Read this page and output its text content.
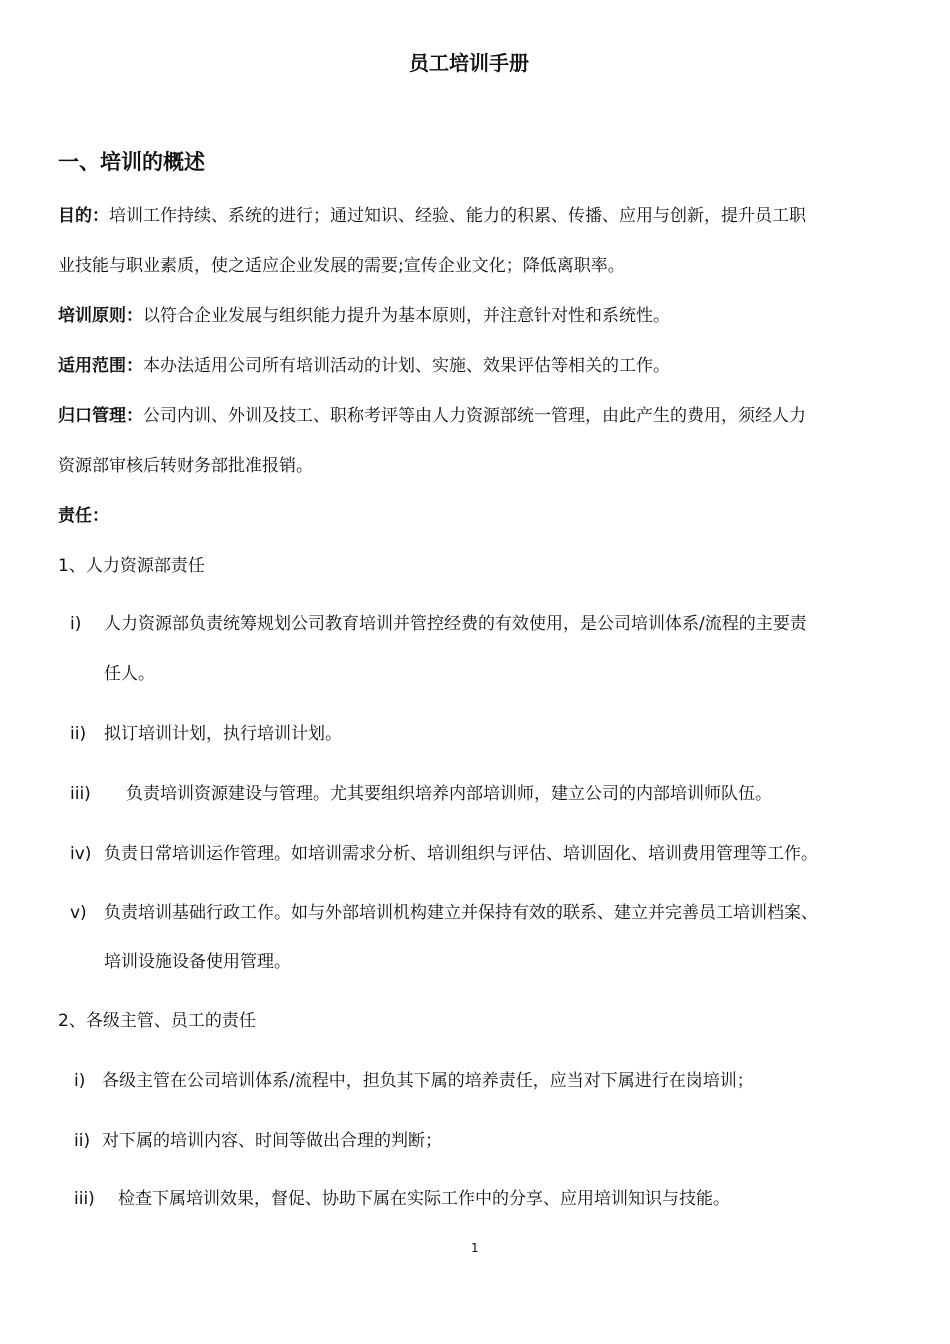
员工培训手册
一、培训的概述
目的：培训工作持续、系统的进行；通过知识、经验、能力的积累、传播、应用与创新，提升员工职
业技能与职业素质，使之适应企业发展的需要;宣传企业文化；降低离职率。
培训原则：以符合企业发展与组织能力提升为基本原则，并注意针对性和系统性。
适用范围：本办法适用公司所有培训活动的计划、实施、效果评估等相关的工作。
归口管理：公司内训、外训及技工、职称考评等由人力资源部统一管理，由此产生的费用，须经人力
资源部审核后转财务部批准报销。
责任：
1、人力资源部责任
i) 人力资源部负责统筹规划公司教育培训并管控经费的有效使用，是公司培训体系/流程的主要责
任人。
ii) 拟订培训计划，执行培训计划。
iii) 负责培训资源建设与管理。尤其要组织培养内部培训师，建立公司的内部培训师队伍。
iv) 负责日常培训运作管理。如培训需求分析、培训组织与评估、培训固化、培训费用管理等工作。
v) 负责培训基础行政工作。如与外部培训机构建立并保持有效的联系、建立并完善员工培训档案、
培训设施设备使用管理。
2、各级主管、员工的责任
i) 各级主管在公司培训体系/流程中，担负其下属的培养责任，应当对下属进行在岗培训；
ii) 对下属的培训内容、时间等做出合理的判断；
iii) 检查下属培训效果，督促、协助下属在实际工作中的分享、应用培训知识与技能。
1
